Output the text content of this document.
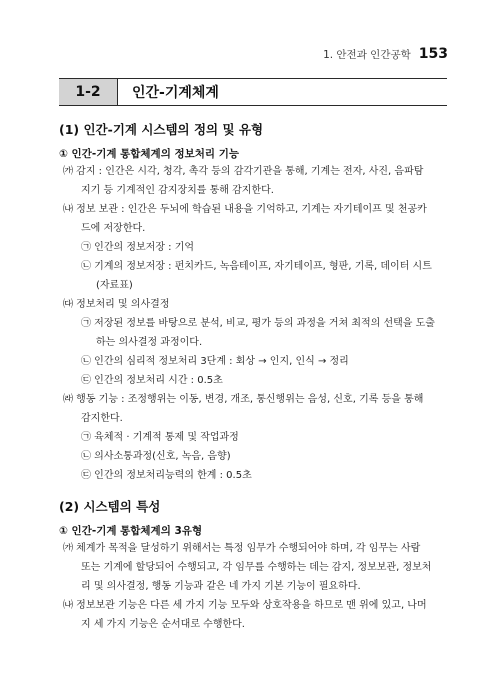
1. 안전과 인간공학 153
1-2	인간-기계체계
(1) 인간-기계 시스템의 정의 및 유형
① 인간-기계 통합체계의 정보처리 기능

㈎ 감지 : 인간은 시각, 청각, 촉각 등의 감각기관을 통해, 기계는 전자, 사진, 음파탐

지기 등 기계적인 감지장치를 통해 감지한다.

㈏ 정보 보관 : 인간은 두뇌에 학습된 내용을 기억하고, 기계는 자기테이프 및 천공카

드에 저장한다.

㉠ 인간의 정보저장 : 기억

㉡ 기계의 정보저장 : 펀치카드, 녹음테이프, 자기테이프, 형판, 기록, 데이터 시트

(자료표)

㈐ 정보처리 및 의사결정

㉠ 저장된 정보를 바탕으로 분석, 비교, 평가 등의 과정을 거쳐 최적의 선택을 도출

하는 의사결정 과정이다.

㉡ 인간의 심리적 정보처리 3단계 : 회상 → 인지, 인식 → 정리

㉢ 인간의 정보처리 시간 : 0.5초

㈑ 행동 기능 : 조정행위는 이동, 변경, 개조, 통신행위는 음성, 신호, 기록 등을 통해

감지한다.

㉠ 육체적 · 기계적 통제 및 작업과정

㉡ 의사소통과정(신호, 녹음, 음향)

㉢ 인간의 정보처리능력의 한계 : 0.5초

(2) 시스템의 특성
① 인간-기계 통합체계의 3유형

㈎ 체계가 목적을 달성하기 위해서는 특정 임무가 수행되어야 하며, 각 임무는 사람

또는 기계에 할당되어 수행되고, 각 임무를 수행하는 데는 감지, 정보보관, 정보처

리 및 의사결정, 행동 기능과 같은 네 가지 기본 기능이 필요하다.

㈏ 정보보관 기능은 다른 세 가지 기능 모두와 상호작용을 하므로 맨 위에 있고, 나머

지 세 가지 기능은 순서대로 수행한다.
